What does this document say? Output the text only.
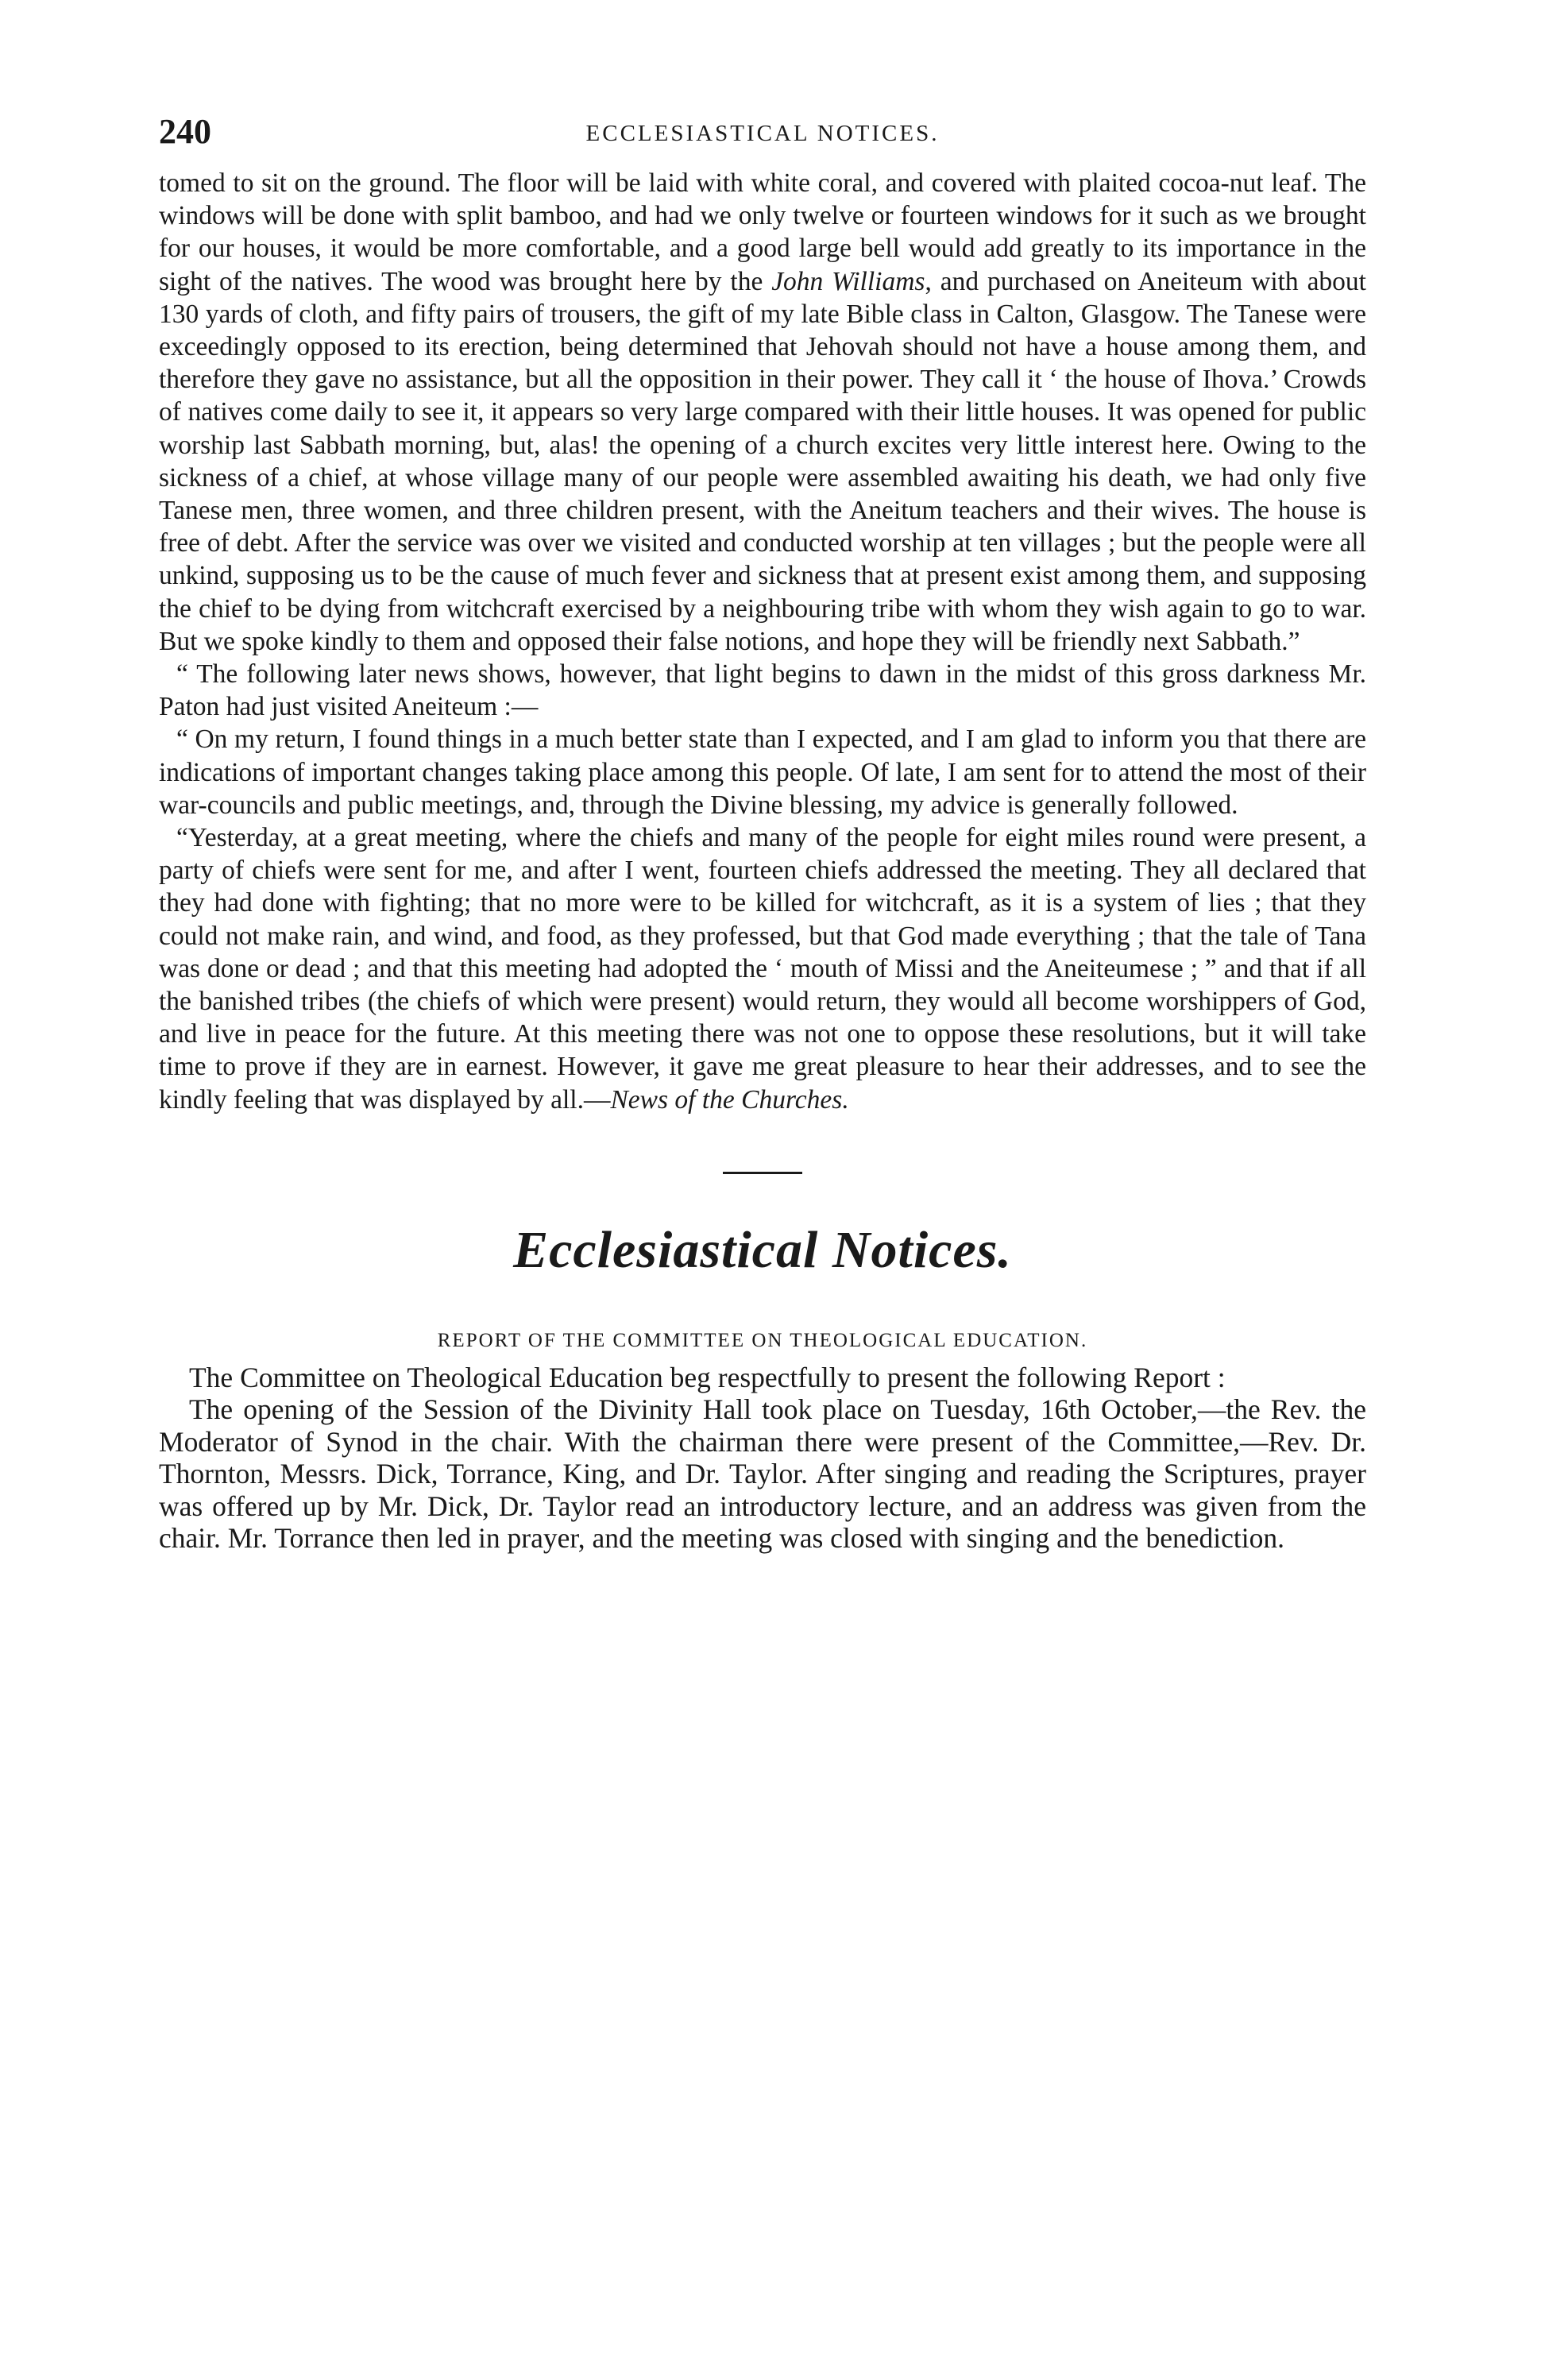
240	ECCLESIASTICAL NOTICES.

tomed to sit on the ground. The floor will be laid with white coral, and covered with plaited cocoa-nut leaf. The windows will be done with split bamboo, and had we only twelve or fourteen windows for it such as we brought for our houses, it would be more comfortable, and a good large bell would add greatly to its importance in the sight of the natives. The wood was brought here by the John Williams, and purchased on Aneiteum with about 130 yards of cloth, and fifty pairs of trousers, the gift of my late Bible class in Calton, Glasgow. The Tanese were exceedingly opposed to its erection, being determined that Jehovah should not have a house among them, and therefore they gave no assistance, but all the opposition in their power. They call it ‘ the house of Ihova.’ Crowds of natives come daily to see it, it appears so very large compared with their little houses. It was opened for public worship last Sabbath morning, but, alas! the opening of a church excites very little interest here. Owing to the sickness of a chief, at whose village many of our people were assembled awaiting his death, we had only five Tanese men, three women, and three children present, with the Aneitum teachers and their wives. The house is free of debt. After the service was over we visited and conducted worship at ten villages ; but the people were all unkind, supposing us to be the cause of much fever and sickness that at present exist among them, and supposing the chief to be dying from witchcraft exercised by a neighbouring tribe with whom they wish again to go to war. But we spoke kindly to them and opposed their false notions, and hope they will be friendly next Sabbath.”

“ The following later news shows, however, that light begins to dawn in the midst of this gross darkness Mr. Paton had just visited Aneiteum :—

“ On my return, I found things in a much better state than I expected, and I am glad to inform you that there are indications of important changes taking place among this people. Of late, I am sent for to attend the most of their war-councils and public meetings, and, through the Divine blessing, my advice is generally followed.

“Yesterday, at a great meeting, where the chiefs and many of the people for eight miles round were present, a party of chiefs were sent for me, and after I went, fourteen chiefs addressed the meeting. They all declared that they had done with fighting; that no more were to be killed for witchcraft, as it is a system of lies ; that they could not make rain, and wind, and food, as they professed, but that God made everything ; that the tale of Tana was done or dead ; and that this meeting had adopted the ‘ mouth of Missi and the Aneiteumese ; ” and that if all the banished tribes (the chiefs of which were present) would return, they would all become worshippers of God, and live in peace for the future. At this meeting there was not one to oppose these resolutions, but it will take time to prove if they are in earnest. However, it gave me great pleasure to hear their addresses, and to see the kindly feeling that was displayed by all.—News of the Churches.

Ecclesiastical Notices.
REPORT OF THE COMMITTEE ON THEOLOGICAL EDUCATION.

The Committee on Theological Education beg respectfully to present the following Report :

The opening of the Session of the Divinity Hall took place on Tuesday, 16th October,—the Rev. the Moderator of Synod in the chair. With the chairman there were present of the Committee,—Rev. Dr. Thornton, Messrs. Dick, Torrance, King, and Dr. Taylor. After singing and reading the Scriptures, prayer was offered up by Mr. Dick, Dr. Taylor read an introductory lecture, and an address was given from the chair. Mr. Torrance then led in prayer, and the meeting was closed with singing and the benediction.
